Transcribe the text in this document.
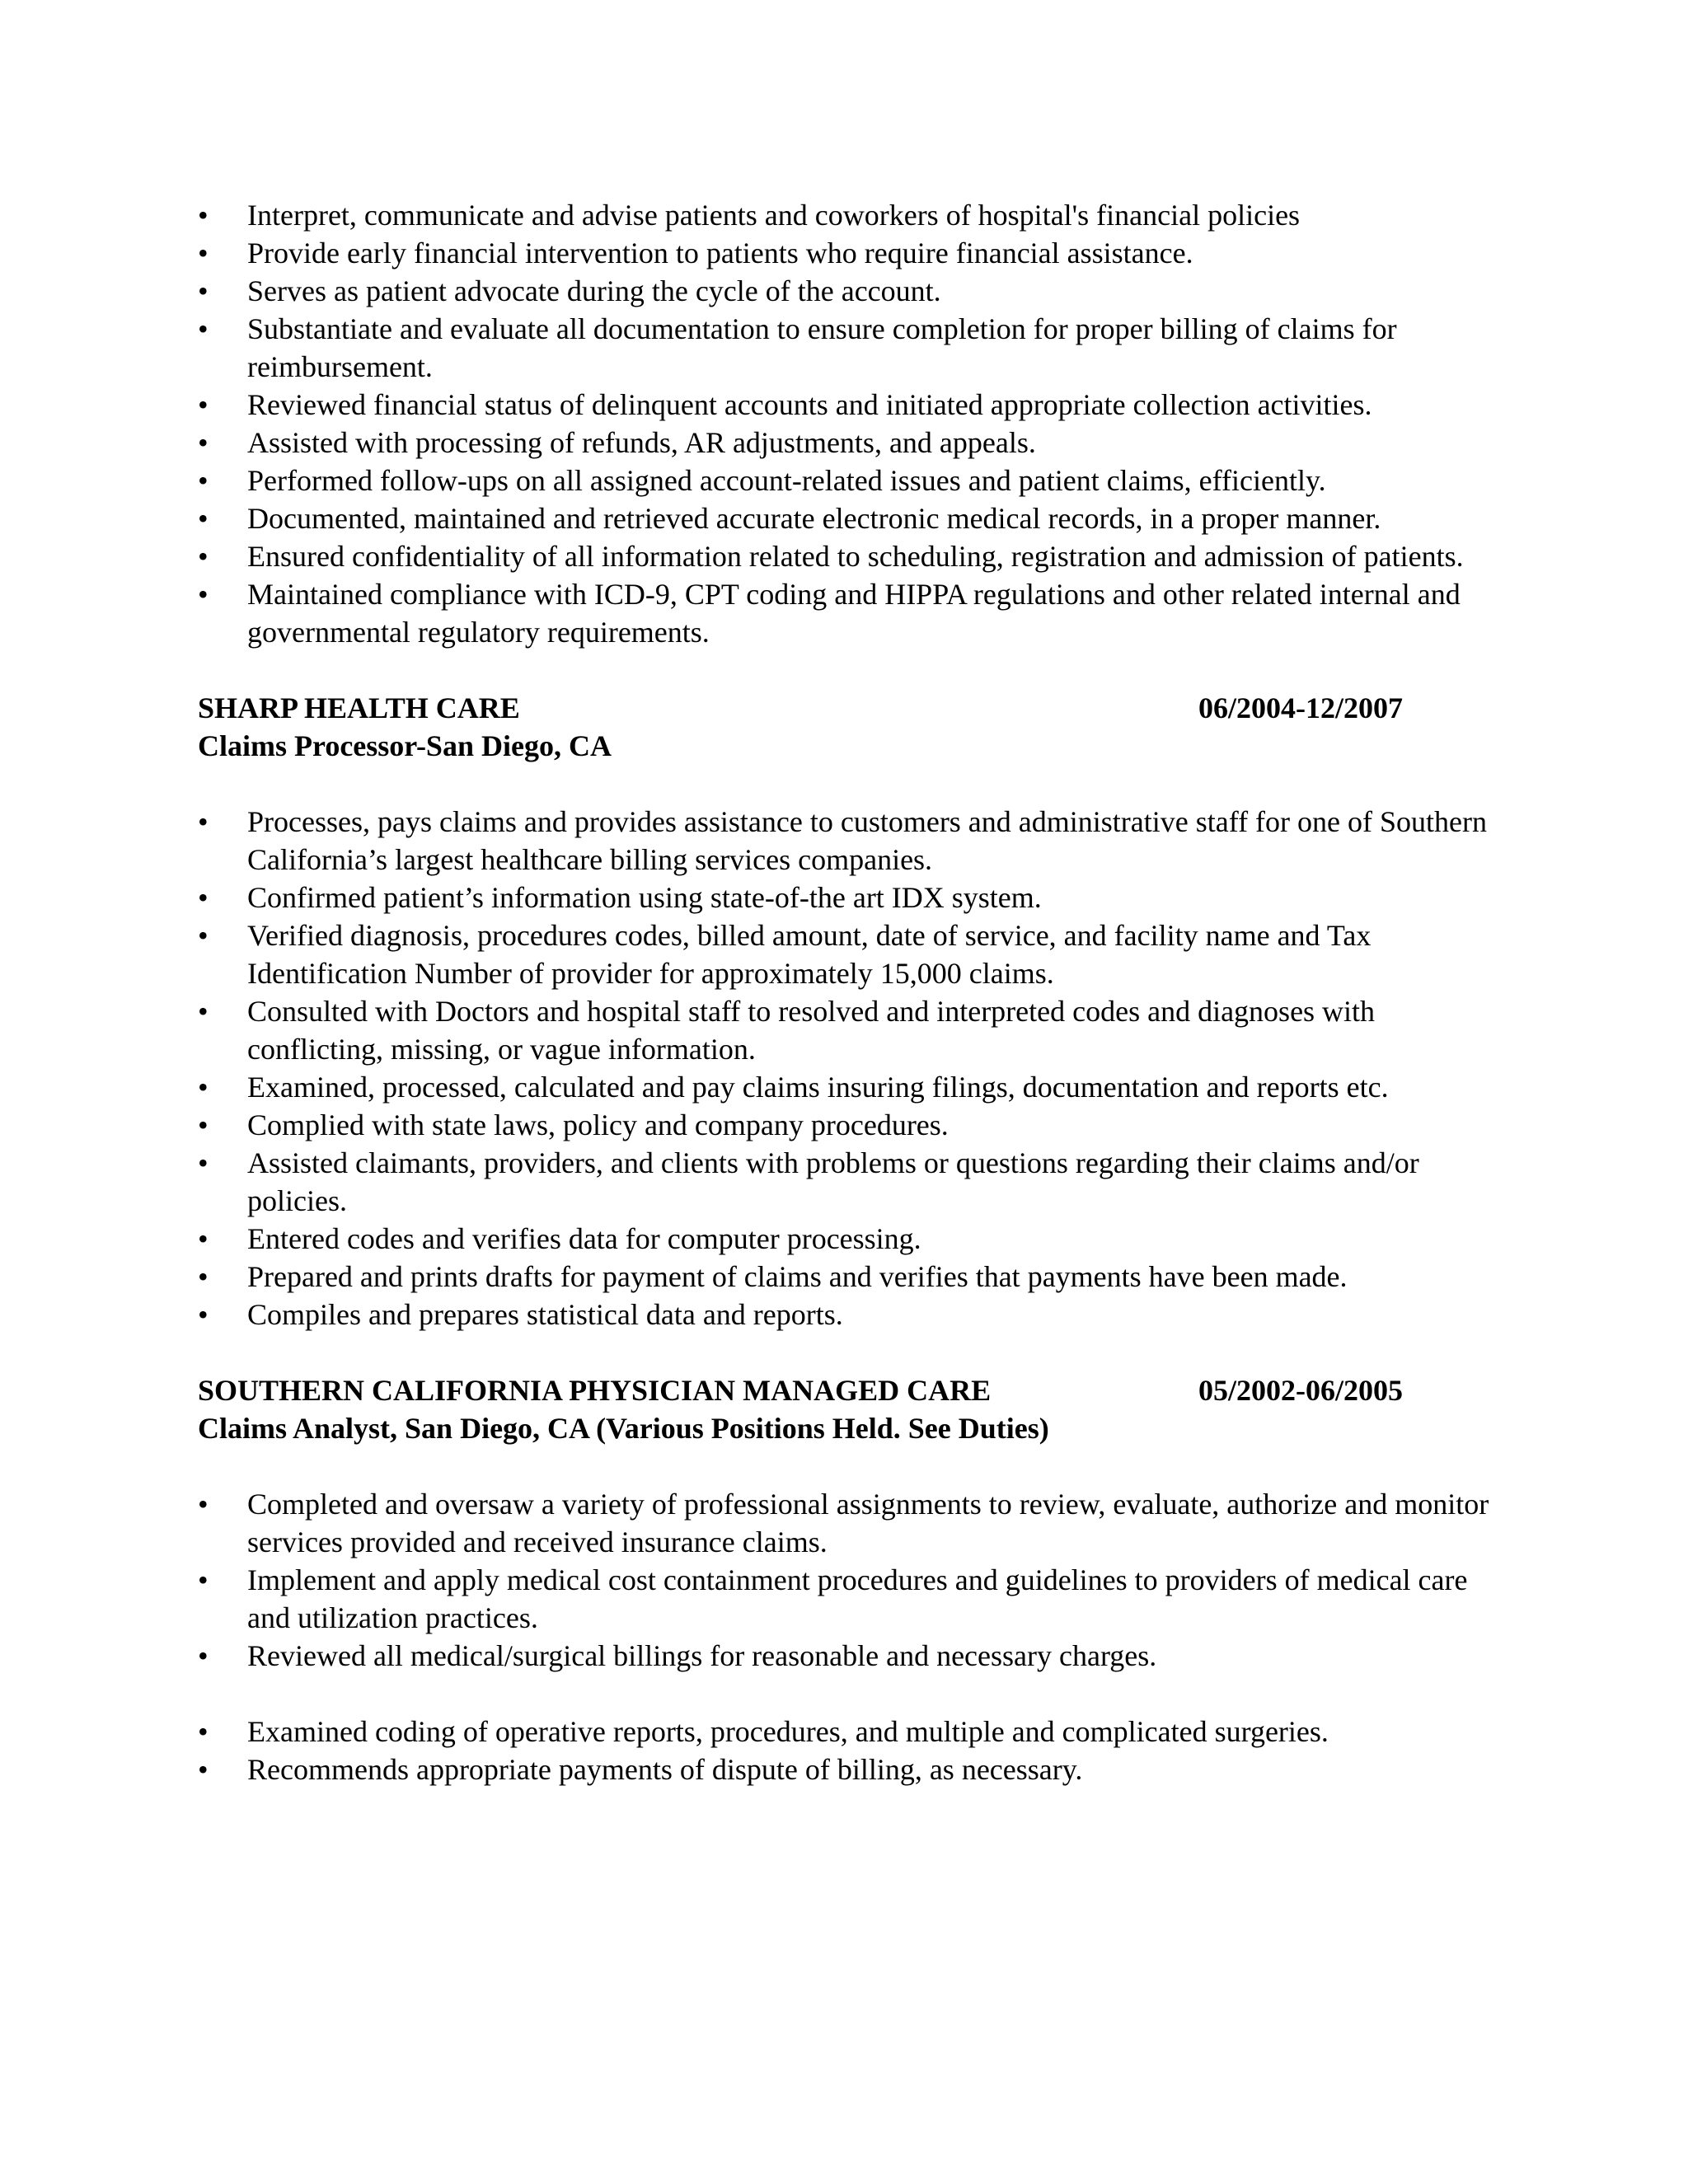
•	Interpret, communicate and advise patients and coworkers of hospital's financial policies
•	Provide early financial intervention to patients who require financial assistance.
•	Serves as patient advocate during the cycle of the account.
•	Substantiate and evaluate all documentation to ensure completion for proper billing of claims for reimbursement.
•	Reviewed financial status of delinquent accounts and initiated appropriate collection activities.
•	Assisted with processing of refunds, AR adjustments, and appeals.
•	Performed follow-ups on all assigned account-related issues and patient claims, efficiently.
•	Documented, maintained and retrieved accurate electronic medical records, in a proper manner.
•	Ensured confidentiality of all information related to scheduling, registration and admission of patients.
•	Maintained compliance with ICD-9, CPT coding and HIPPA regulations and other related internal and governmental regulatory requirements.
SHARP HEALTH CARE	06/2004-12/2007
Claims Processor-San Diego, CA
•	Processes, pays claims and provides assistance to customers and administrative staff for one of Southern California’s largest healthcare billing services companies.
•	Confirmed patient’s information using state-of-the art IDX system.
•	Verified diagnosis, procedures codes, billed amount, date of service, and facility name and Tax Identification Number of provider for approximately 15,000 claims.
•	Consulted with Doctors and hospital staff to resolved and interpreted codes and diagnoses with conflicting, missing, or vague information.
•	Examined, processed, calculated and pay claims insuring filings, documentation and reports etc.
•	Complied with state laws, policy and company procedures.
•	Assisted claimants, providers, and clients with problems or questions regarding their claims and/or policies.
•	Entered codes and verifies data for computer processing.
•	Prepared and prints drafts for payment of claims and verifies that payments have been made.
•	Compiles and prepares statistical data and reports.
SOUTHERN CALIFORNIA PHYSICIAN MANAGED CARE	05/2002-06/2005
Claims Analyst, San Diego, CA (Various Positions Held. See Duties)
•	Completed and oversaw a variety of professional assignments to review, evaluate, authorize and monitor services provided and received insurance claims.
•	Implement and apply medical cost containment procedures and guidelines to providers of medical care and utilization practices.
•	Reviewed all medical/surgical billings for reasonable and necessary charges.
•	Examined coding of operative reports, procedures, and multiple and complicated surgeries.
•	Recommends appropriate payments of dispute of billing, as necessary.
